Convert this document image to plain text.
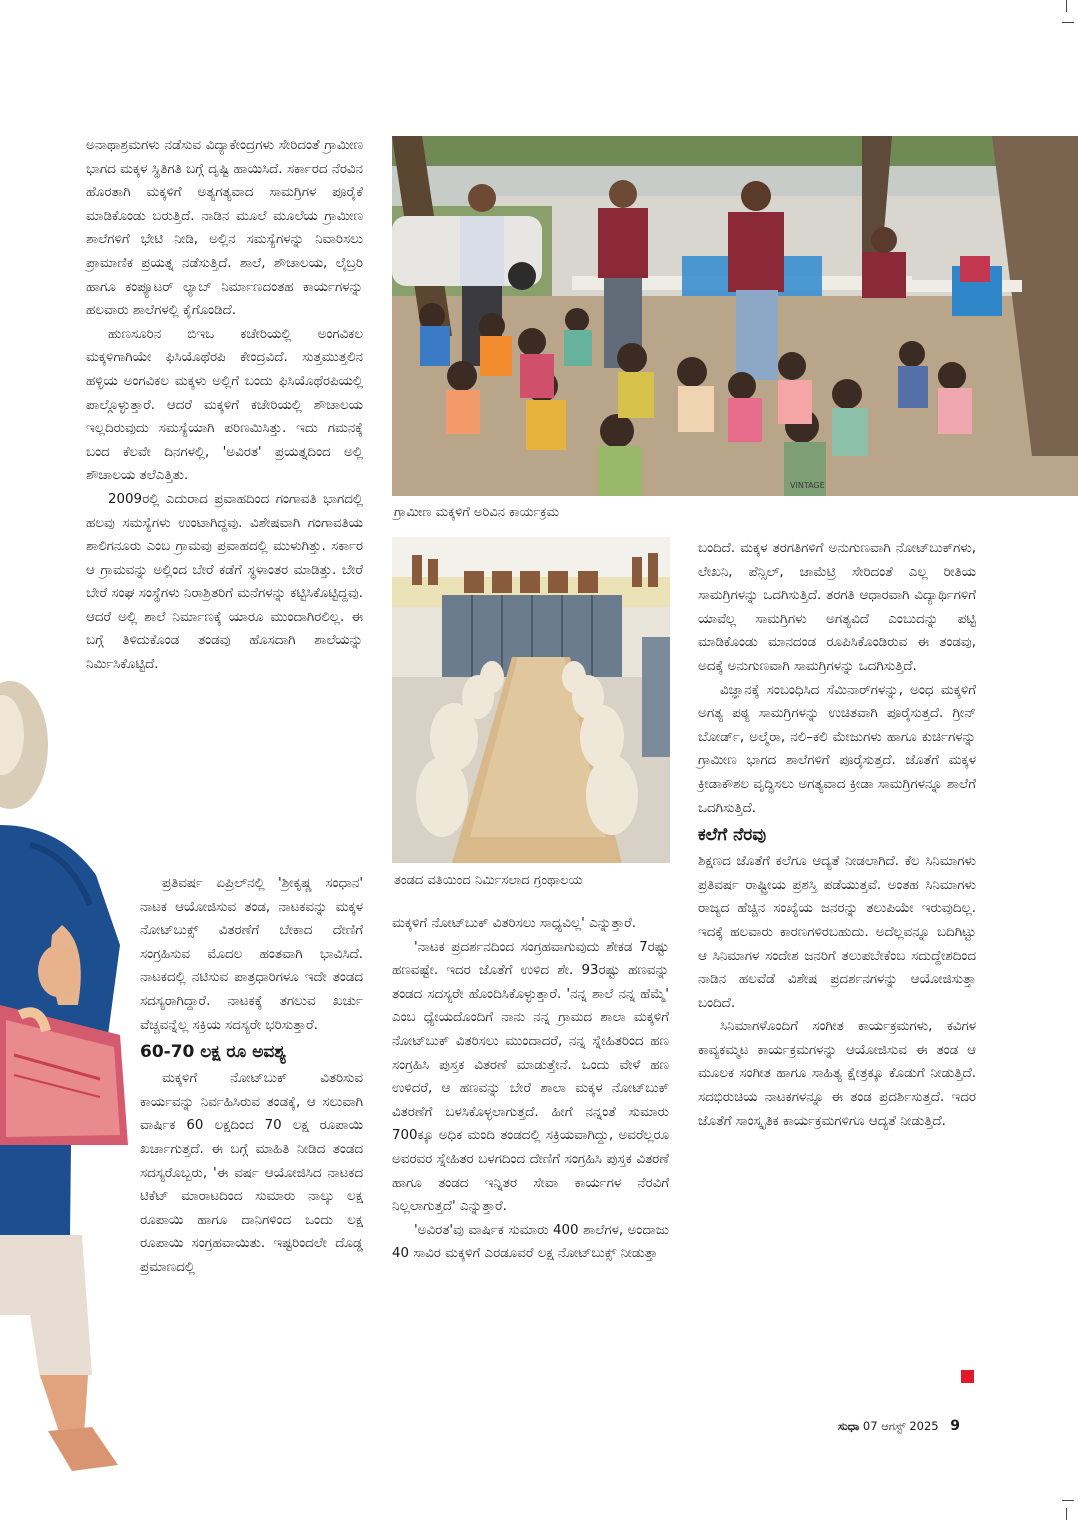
ಅನಾಥಾಶ್ರಮಗಳು ನಡೆಸುವ ವಿದ್ಯಾಕೇಂದ್ರಗಳು ಸೇರಿದಂತೆ ಗ್ರಾಮೀಣ ಭಾಗದ ಮಕ್ಕಳ ಸ್ಥಿತಿಗತಿ ಬಗ್ಗೆ ದೃಷ್ಟಿ ಹಾಯಿಸಿದೆ. ಸರ್ಕಾರದ ನೆರವಿನ ಹೊರತಾಗಿ ಮಕ್ಕಳಿಗೆ ಅತ್ಯಗತ್ಯವಾದ ಸಾಮಗ್ರಿಗಳ ಪೂರೈಕೆ ಮಾಡಿಕೊಂಡು ಬರುತ್ತಿದೆ. ನಾಡಿನ ಮೂಲೆ ಮೂಲೆಯ ಗ್ರಾಮೀಣ ಶಾಲೆಗಳಿಗೆ ಭೇಟಿ ನೀಡಿ, ಅಲ್ಲಿನ ಸಮಸ್ಯೆಗಳನ್ನು ನಿವಾರಿಸಲು ಪ್ರಾಮಾಣಿಕ ಪ್ರಯತ್ನ ನಡೆಸುತ್ತಿದೆ. ಶಾಲೆ, ಶೌಚಾಲಯ, ಲೈಬ್ರರಿ ಹಾಗೂ ಕಂಪ್ಯೂಟರ್ ಲ್ಯಾಬ್ ನಿರ್ಮಾಣದಂತಹ ಕಾರ್ಯಗಳನ್ನು ಹಲವಾರು ಶಾಲೆಗಳಲ್ಲಿ ಕೈಗೊಂಡಿದೆ.

ಹುಣಸೂರಿನ ಬಿಇಒ ಕಚೇರಿಯಲ್ಲಿ ಅಂಗವಿಕಲ ಮಕ್ಕಳಿಗಾಗಿಯೇ ಫಿಸಿಯೊಥೆರಪಿ ಕೇಂದ್ರವಿದೆ. ಸುತ್ತಮುತ್ತಲಿನ ಹಳ್ಳಿಯ ಅಂಗವಿಕಲ ಮಕ್ಕಳು ಅಲ್ಲಿಗೆ ಬಂದು ಫಿಸಿಯೊಥೆರಪಿಯಲ್ಲಿ ಪಾಲ್ಗೊಳ್ಳುತ್ತಾರೆ. ಆದರೆ ಮಕ್ಕಳಿಗೆ ಕಚೇರಿಯಲ್ಲಿ ಶೌಚಾಲಯ ಇಲ್ಲದಿರುವುದು ಸಮಸ್ಯೆಯಾಗಿ ಪರಿಣಮಿಸಿತ್ತು. ಇದು ಗಮನಕ್ಕೆ ಬಂದ ಕೆಲವೇ ದಿನಗಳಲ್ಲಿ, 'ಅವಿರತ' ಪ್ರಯತ್ನದಿಂದ ಅಲ್ಲಿ ಶೌಚಾಲಯ ತಲೆಎತ್ತಿತು.

2009ರಲ್ಲಿ ಎದುರಾದ ಪ್ರವಾಹದಿಂದ ಗಂಗಾವತಿ ಭಾಗದಲ್ಲಿ ಹಲವು ಸಮಸ್ಯೆಗಳು ಉಂಟಾಗಿದ್ದವು. ವಿಶೇಷವಾಗಿ ಗಂಗಾವತಿಯ ಶಾಲಿಗನೂರು ಎಂಬ ಗ್ರಾಮವು ಪ್ರವಾಹದಲ್ಲಿ ಮುಳುಗಿತ್ತು. ಸರ್ಕಾರ ಆ ಗ್ರಾಮವನ್ನು ಅಲ್ಲಿಂದ ಬೇರೆ ಕಡೆಗೆ ಸ್ಥಳಾಂತರ ಮಾಡಿತ್ತು. ಬೇರೆ ಬೇರೆ ಸಂಘ ಸಂಸ್ಥೆಗಳು ನಿರಾಶ್ರಿತರಿಗೆ ಮನೆಗಳನ್ನು ಕಟ್ಟಿಸಿಕೊಟ್ಟಿದ್ದವು. ಆದರೆ ಅಲ್ಲಿ ಶಾಲೆ ನಿರ್ಮಾಣಕ್ಕೆ ಯಾರೂ ಮುಂದಾಗಿರಲಿಲ್ಲ. ಈ ಬಗ್ಗೆ ತಿಳಿದುಕೊಂಡ ತಂಡವು ಹೊಸದಾಗಿ ಶಾಲೆಯನ್ನು ನಿರ್ಮಿಸಿಕೊಟ್ಟಿದೆ.

ಪ್ರತಿವರ್ಷ ಏಪ್ರಿಲ್‌ನಲ್ಲಿ 'ಶ್ರೀಕೃಷ್ಣ ಸಂಧಾನ' ನಾಟಕ ಆಯೋಜಿಸುವ ತಂಡ, ನಾಟಕವನ್ನು ಮಕ್ಕಳ ನೋಟ್‌ಬುಕ್ಸ್ ವಿತರಣೆಗೆ ಬೇಕಾದ ದೇಣಿಗೆ ಸಂಗ್ರಹಿಸುವ ಮೊದಲ ಹಂತವಾಗಿ ಭಾವಿಸಿದೆ. ನಾಟಕದಲ್ಲಿ ನಟಿಸುವ ಪಾತ್ರಧಾರಿಗಳೂ ಇದೇ ತಂಡದ ಸದಸ್ಯರಾಗಿದ್ದಾರೆ. ನಾಟಕಕ್ಕೆ ತಗಲುವ ಖರ್ಚು ವೆಚ್ಚವನ್ನೆಲ್ಲ ಸಕ್ರಿಯ ಸದಸ್ಯರೇ ಭರಿಸುತ್ತಾರೆ.

60-70 ಲಕ್ಷ ರೂ ಅವಶ್ಯ

ಮಕ್ಕಳಿಗೆ ನೋಟ್‌ಬುಕ್ ವಿತರಿಸುವ ಕಾರ್ಯವನ್ನು ನಿರ್ವಹಿಸಿರುವ ತಂಡಕ್ಕೆ, ಆ ಸಲುವಾಗಿ ವಾರ್ಷಿಕ 60 ಲಕ್ಷದಿಂದ 70 ಲಕ್ಷ ರೂಪಾಯಿ ಖರ್ಚಾಗುತ್ತದೆ. ಈ ಬಗ್ಗೆ ಮಾಹಿತಿ ನೀಡಿದ ತಂಡದ ಸದಸ್ಯರೊಬ್ಬರು, 'ಈ ವರ್ಷ ಆಯೋಜಿಸಿದ ನಾಟಕದ ಟಿಕೆಟ್ ಮಾರಾಟದಿಂದ ಸುಮಾರು ನಾಲ್ಕು ಲಕ್ಷ ರೂಪಾಯಿ ಹಾಗೂ ದಾನಿಗಳಿಂದ ಒಂದು ಲಕ್ಷ ರೂಪಾಯಿ ಸಂಗ್ರಹವಾಯಿತು. ಇಷ್ಟರಿಂದಲೇ ದೊಡ್ಡ ಪ್ರಮಾಣದಲ್ಲಿ

VINTAGE
ಗ್ರಾಮೀಣ ಮಕ್ಕಳಿಗೆ ಅರಿವಿನ ಕಾರ್ಯಕ್ರಮ
ತಂಡದ ವತಿಯಿಂದ ನಿರ್ಮಿಸಲಾದ ಗ್ರಂಥಾಲಯ

ಮಕ್ಕಳಿಗೆ ನೋಟ್‌ಬುಕ್ ವಿತರಿಸಲು ಸಾಧ್ಯವಿಲ್ಲ' ಎನ್ನುತ್ತಾರೆ.

'ನಾಟಕ ಪ್ರದರ್ಶನದಿಂದ ಸಂಗ್ರಹವಾಗುವುದು ಶೇಕಡ 7ರಷ್ಟು ಹಣವಷ್ಟೇ. ಇದರ ಜೊತೆಗೆ ಉಳಿದ ಶೇ. 93ರಷ್ಟು ಹಣವನ್ನು ತಂಡದ ಸದಸ್ಯರೇ ಹೊಂದಿಸಿಕೊಳ್ಳುತ್ತಾರೆ. 'ನನ್ನ ಶಾಲೆ ನನ್ನ ಹೆಮ್ಮೆ' ಎಂಬ ಧ್ಯೇಯದೊಂದಿಗೆ ನಾನು ನನ್ನ ಗ್ರಾಮದ ಶಾಲಾ ಮಕ್ಕಳಿಗೆ ನೋಟ್‌ಬುಕ್ ವಿತರಿಸಲು ಮುಂದಾದರೆ, ನನ್ನ ಸ್ನೇಹಿತರಿಂದ ಹಣ ಸಂಗ್ರಹಿಸಿ ಪುಸ್ತಕ ವಿತರಣೆ ಮಾಡುತ್ತೇನೆ. ಒಂದು ವೇಳೆ ಹಣ ಉಳಿದರೆ, ಆ ಹಣವನ್ನು ಬೇರೆ ಶಾಲಾ ಮಕ್ಕಳ ನೋಟ್‌ಬುಕ್ ವಿತರಣೆಗೆ ಬಳಸಿಕೊಳ್ಳಲಾಗುತ್ತದೆ. ಹೀಗೆ ನನ್ನಂತೆ ಸುಮಾರು 700ಕ್ಕೂ ಅಧಿಕ ಮಂದಿ ತಂಡದಲ್ಲಿ ಸಕ್ರಿಯವಾಗಿದ್ದು, ಅವರೆಲ್ಲರೂ ಅವರವರ ಸ್ನೇಹಿತರ ಬಳಗದಿಂದ ದೇಣಿಗೆ ಸಂಗ್ರಹಿಸಿ ಪುಸ್ತಕ ವಿತರಣೆ ಹಾಗೂ ತಂಡದ ಇನ್ನಿತರ ಸೇವಾ ಕಾರ್ಯಗಳ ನೆರವಿಗೆ ನಿಲ್ಲಲಾಗುತ್ತದೆ' ಎನ್ನುತ್ತಾರೆ.

'ಅವಿರತ'ವು ವಾರ್ಷಿಕ ಸುಮಾರು 400 ಶಾಲೆಗಳ, ಅಂದಾಜು 40 ಸಾವಿರ ಮಕ್ಕಳಿಗೆ ಎರಡೂವರೆ ಲಕ್ಷ ನೋಟ್‌ಬುಕ್ಸ್ ನೀಡುತ್ತಾ

ಬಂದಿದೆ. ಮಕ್ಕಳ ತರಗತಿಗಳಿಗೆ ಅನುಗುಣವಾಗಿ ನೋಟ್‌ಬುಕ್‌ಗಳು, ಲೇಖನಿ, ಪೆನ್ಸಿಲ್, ಜಾಮೆಟ್ರಿ ಸೇರಿದಂತೆ ಎಲ್ಲ ರೀತಿಯ ಸಾಮಗ್ರಿಗಳನ್ನು ಒದಗಿಸುತ್ತಿದೆ. ತರಗತಿ ಆಧಾರವಾಗಿ ವಿದ್ಯಾರ್ಥಿಗಳಿಗೆ ಯಾವೆಲ್ಲ ಸಾಮಗ್ರಿಗಳು ಅಗತ್ಯವಿದೆ ಎಂಬುದನ್ನು ಪಟ್ಟಿ ಮಾಡಿಕೊಂಡು ಮಾನದಂಡ ರೂಪಿಸಿಕೊಂಡಿರುವ ಈ ತಂಡವು, ಅದಕ್ಕೆ ಅನುಗುಣವಾಗಿ ಸಾಮಗ್ರಿಗಳನ್ನು ಒದಗಿಸುತ್ತಿದೆ.

ವಿಜ್ಞಾನಕ್ಕೆ ಸಂಬಂಧಿಸಿದ ಸೆಮಿನಾರ್‌ಗಳನ್ನು, ಅಂಧ ಮಕ್ಕಳಿಗೆ ಅಗತ್ಯ ಪಠ್ಯ ಸಾಮಗ್ರಿಗಳನ್ನು ಉಚಿತವಾಗಿ ಪೂರೈಸುತ್ತದೆ. ಗ್ರೀನ್ ಬೋರ್ಡ್, ಅಲ್ಮೆರಾ, ನಲಿ–ಕಲಿ ಮೇಜುಗಳು ಹಾಗೂ ಕುರ್ಚಿಗಳನ್ನು ಗ್ರಾಮೀಣ ಭಾಗದ ಶಾಲೆಗಳಿಗೆ ಪೂರೈಸುತ್ತದೆ. ಜೊತೆಗೆ ಮಕ್ಕಳ ಕ್ರೀಡಾಕೌಶಲ ವೃದ್ಧಿಸಲು ಅಗತ್ಯವಾದ ಕ್ರೀಡಾ ಸಾಮಗ್ರಿಗಳನ್ನೂ ಶಾಲೆಗೆ ಒದಗಿಸುತ್ತಿದೆ.

ಕಲೆಗೆ ನೆರವು

ಶಿಕ್ಷಣದ ಜೊತೆಗೆ ಕಲೆಗೂ ಆದ್ಯತೆ ನೀಡಲಾಗಿದೆ. ಕೆಲ ಸಿನಿಮಾಗಳು ಪ್ರತಿವರ್ಷ ರಾಷ್ಟ್ರೀಯ ಪ್ರಶಸ್ತಿ ಪಡೆಯುತ್ತವೆ. ಅಂತಹ ಸಿನಿಮಾಗಳು ರಾಜ್ಯದ ಹೆಚ್ಚಿನ ಸಂಖ್ಯೆಯ ಜನರನ್ನು ತಲುಪಿಯೇ ಇರುವುದಿಲ್ಲ. ಇದಕ್ಕೆ ಹಲವಾರು ಕಾರಣಗಳಿರಬಹುದು. ಅದೆಲ್ಲವನ್ನೂ ಬದಿಗಿಟ್ಟು ಆ ಸಿನಿಮಾಗಳ ಸಂದೇಶ ಜನರಿಗೆ ತಲುಪಬೇಕೆಂಬ ಸದುದ್ದೇಶದಿಂದ ನಾಡಿನ ಹಲವೆಡೆ ವಿಶೇಷ ಪ್ರದರ್ಶನಗಳನ್ನು ಆಯೋಜಿಸುತ್ತಾ ಬಂದಿದೆ.

ಸಿನಿಮಾಗಳೊಂದಿಗೆ ಸಂಗೀತ ಕಾರ್ಯಕ್ರಮಗಳು, ಕವಿಗಳ ಕಾವ್ಯಕಮ್ಮಟ ಕಾರ್ಯಕ್ರಮಗಳನ್ನು ಆಯೋಜಿಸುವ ಈ ತಂಡ ಆ ಮೂಲಕ ಸಂಗೀತ ಹಾಗೂ ಸಾಹಿತ್ಯ ಕ್ಷೇತ್ರಕ್ಕೂ ಕೊಡುಗೆ ನೀಡುತ್ತಿದೆ. ಸದಭಿರುಚಿಯ ನಾಟಕಗಳನ್ನೂ ಈ ತಂಡ ಪ್ರದರ್ಶಿಸುತ್ತದೆ. ಇದರ ಜೊತೆಗೆ ಸಾಂಸ್ಕೃತಿಕ ಕಾರ್ಯಕ್ರಮಗಳಿಗೂ ಆದ್ಯತೆ ನೀಡುತ್ತಿದೆ.

ಸುಧಾ 07 ಆಗಸ್ಟ್ 2025 9
